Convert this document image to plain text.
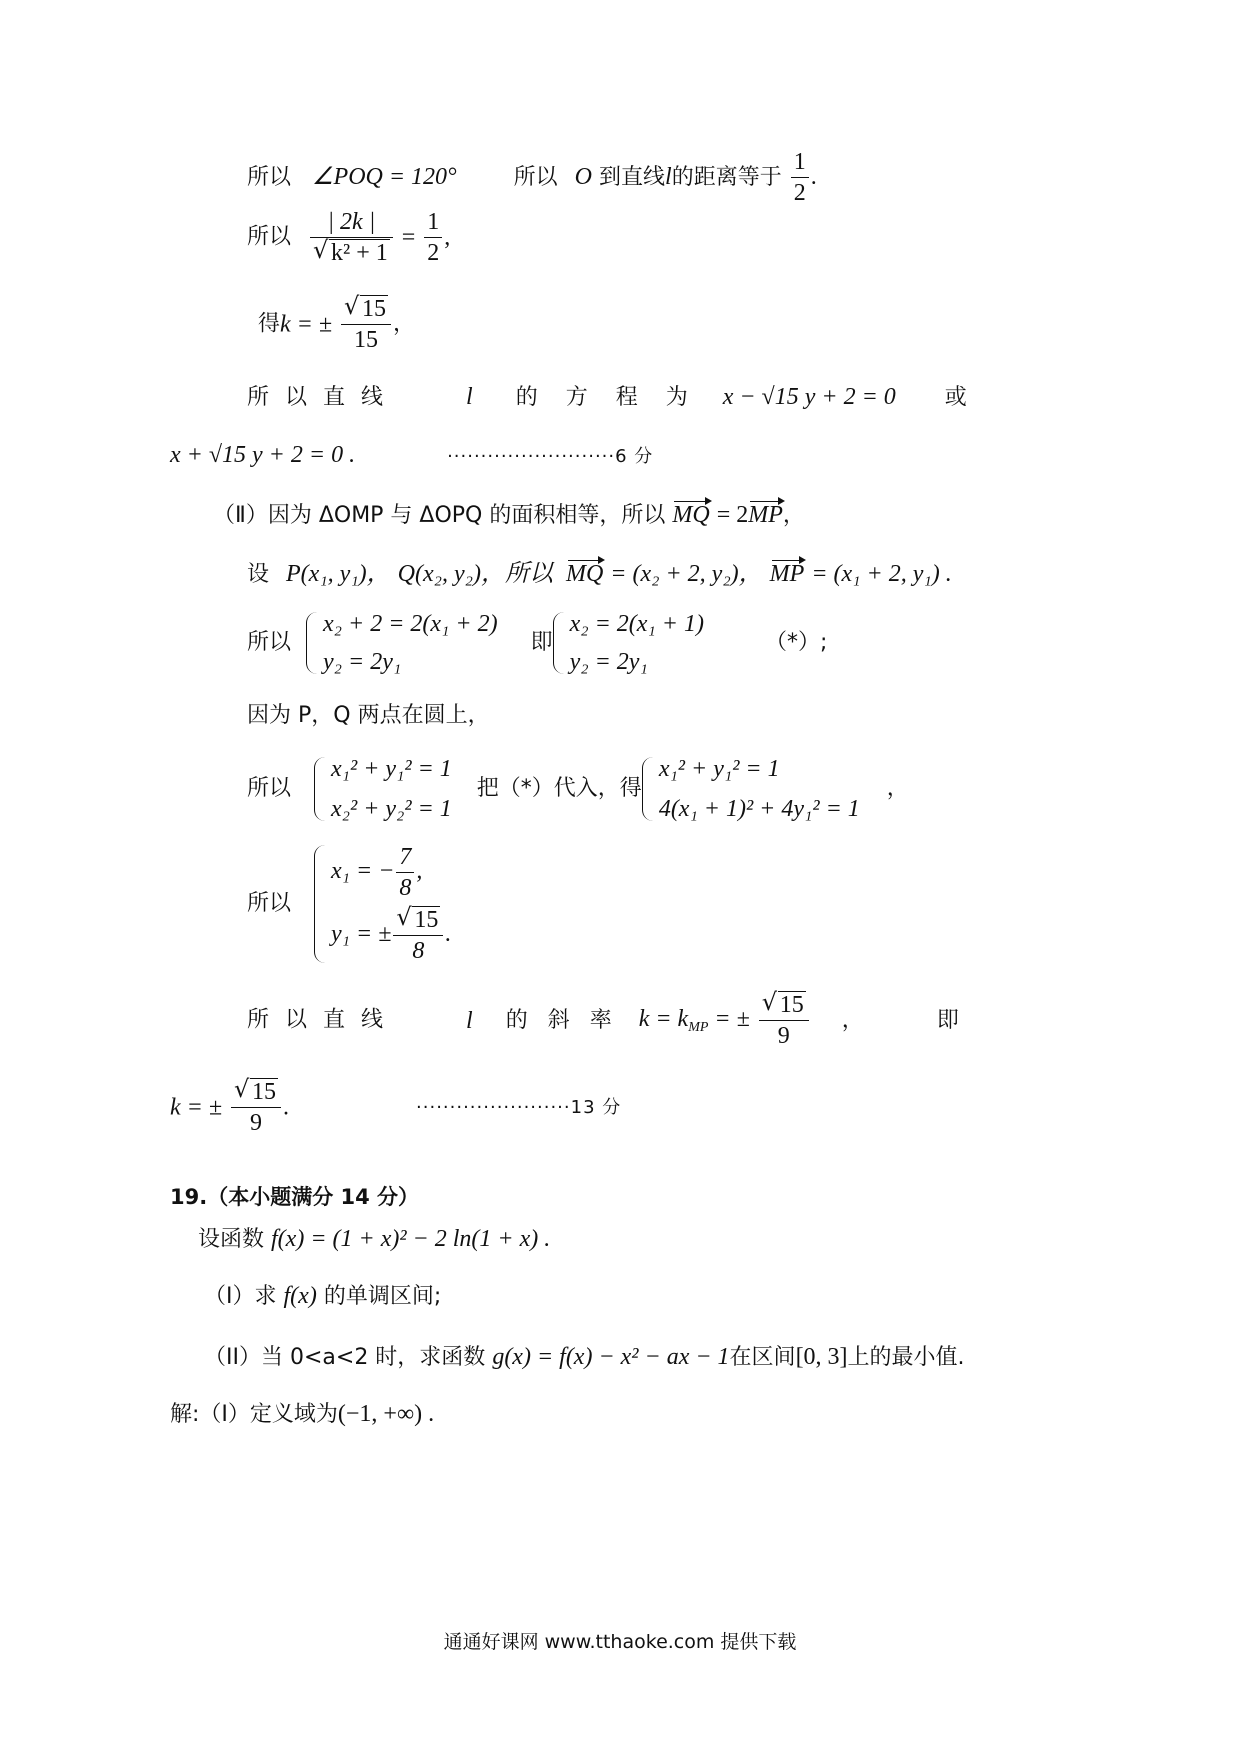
所以 ∠POQ = 120°	所以 O 到直线l的距离等于 $\frac{1}{2}$ .
所以 | 2k |
√ $k^2 + 1 = \frac{1}{2}$ ,
得k = ± √ $\frac{15}{15}$ ，
所以直线	l 的方程为 x − √15 y + 2 = 0 或
x + √15 y + 2 = 0 .	·························6 分
（Ⅱ）因为 ΔOMP 与 ΔOPQ 的面积相等，所以 MQ = 2MP，
设 P(x₁, y₁)， Q(x₂, y₂)，所以 MQ = (x₂ + 2, y₂)， MP = (x₁ + 2, y₁) .
所以
x₂ + 2 = 2(x₁ + 2)
y₂ = 2y₁
即
x₂ = 2(x₁ + 1)
y₂ = 2y₁
（*）;
因为 P，Q 两点在圆上，
所以
x₁² + y₁² = 1
x₂² + y₂² = 1
把（*）代入，得
x₁² + y₁² = 1
4(x₁ + 1)² + 4y₁² = 1
，
所以
x₁ = − $\frac{7}{8}$ ,
y₁ = ± √ $\frac{15}{8}$ .
所以直线	l 的斜率 $k = k_{MP}$ = ± √ $\frac{15}{9}$ ，	即
k = ± √ $\frac{15}{9}$ .	·······················13 分
19.（本小题满分 14 分）
设函数 f(x) = (1 + x)² − 2 ln(1 + x) .
（I）求 f(x) 的单调区间;
（II）当 0<a<2 时，求函数 g(x) = f(x) − x² − ax − 1在区间[0, 3]上的最小值.
解:（I）定义域为(−1, +∞) .
通通好课网 www.tthaoke.com 提供下载
